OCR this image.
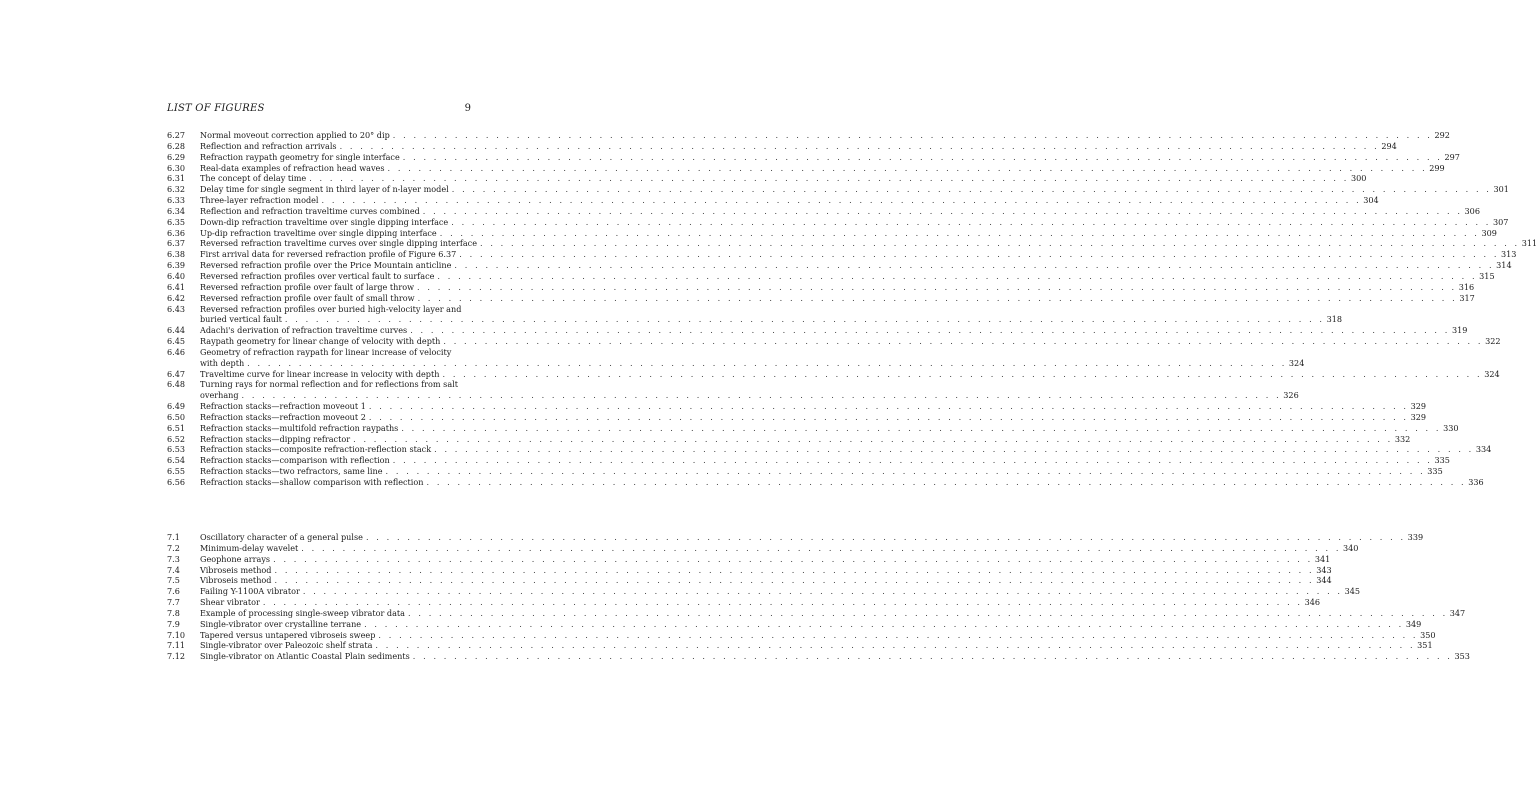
LIST OF FIGURES	9
6.27	Normal moveout correction applied to 20° dip . . .	292
6.28	Reflection and refraction arrivals . . .	294
6.29	Refraction raypath geometry for single interface . . .	297
6.30	Real-data examples of refraction head waves . . .	299
6.31	The concept of delay time . . .	300
6.32	Delay time for single segment in third layer of n-layer model . . .	301
6.33	Three-layer refraction model . . .	304
6.34	Reflection and refraction traveltime curves combined . . .	306
6.35	Down-dip refraction traveltime over single dipping interface . . .	307
6.36	Up-dip refraction traveltime over single dipping interface . . .	309
6.37	Reversed refraction traveltime curves over single dipping interface . . .	311
6.38	First arrival data for reversed refraction profile of Figure 6.37 . . .	313
6.39	Reversed refraction profile over the Price Mountain anticline . . .	314
6.40	Reversed refraction profiles over vertical fault to surface . . .	315
6.41	Reversed refraction profile over fault of large throw . . .	316
6.42	Reversed refraction profile over fault of small throw . . .	317
6.43	Reversed refraction profiles over buried high-velocity layer and
buried vertical fault . . .	318
6.44	Adachi's derivation of refraction traveltime curves . . .	319
6.45	Raypath geometry for linear change of velocity with depth . . .	322
6.46	Geometry of refraction raypath for linear increase of velocity
with depth . . .	324
6.47	Traveltime curve for linear increase in velocity with depth . . .	324
6.48	Turning rays for normal reflection and for reflections from salt
overhang . . .	326
6.49	Refraction stacks—refraction moveout 1 . . .	329
6.50	Refraction stacks—refraction moveout 2 . . .	329
6.51	Refraction stacks—multifold refraction raypaths . . .	330
6.52	Refraction stacks—dipping refractor . . .	332
6.53	Refraction stacks—composite refraction-reflection stack . . .	334
6.54	Refraction stacks—comparison with reflection . . .	335
6.55	Refraction stacks—two refractors, same line . . .	335
6.56	Refraction stacks—shallow comparison with reflection . . .	336
7.1	Oscillatory character of a general pulse . . .	339
7.2	Minimum-delay wavelet . . .	340
7.3	Geophone arrays . . .	341
7.4	Vibroseis method . . .	343
7.5	Vibroseis method . . .	344
7.6	Failing Y-1100A vibrator . . .	345
7.7	Shear vibrator . . .	346
7.8	Example of processing single-sweep vibrator data . . .	347
7.9	Single-vibrator over crystalline terrane . . .	349
7.10	Tapered versus untapered vibroseis sweep . . .	350
7.11	Single-vibrator over Paleozoic shelf strata . . .	351
7.12	Single-vibrator on Atlantic Coastal Plain sediments . . .	353
